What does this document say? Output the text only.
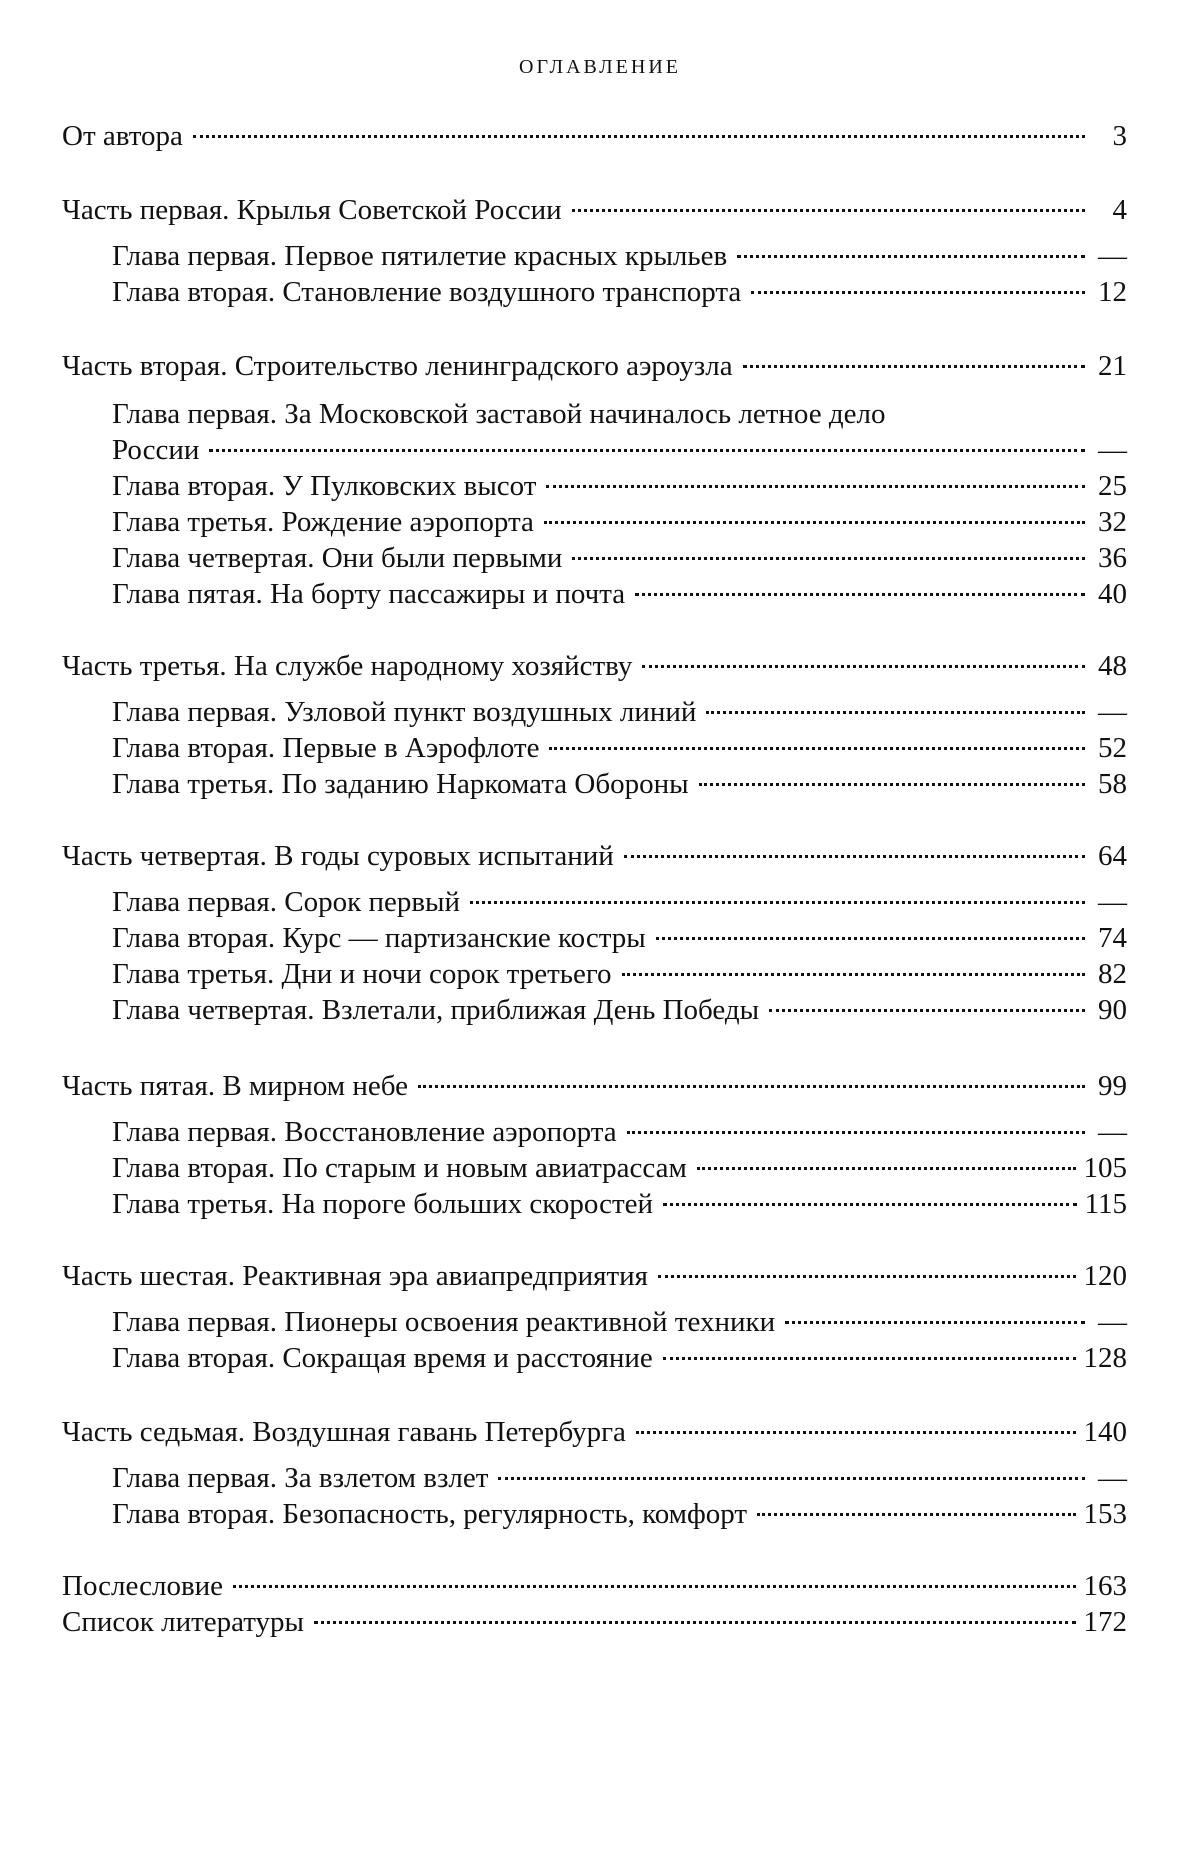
ОГЛАВЛЕНИЕ
От автора	3
Часть первая. Крылья Советской России	4
Глава первая. Первое пятилетие красных крыльев	—
Глава вторая. Становление воздушного транспорта	12
Часть вторая. Строительство ленинградского аэроузла	21
Глава первая. За Московской заставой начиналось летное дело
России	—
Глава вторая. У Пулковских высот	25
Глава третья. Рождение аэропорта	32
Глава четвертая. Они были первыми	36
Глава пятая. На борту пассажиры и почта	40
Часть третья. На службе народному хозяйству	48
Глава первая. Узловой пункт воздушных линий	—
Глава вторая. Первые в Аэрофлоте	52
Глава третья. По заданию Наркомата Обороны	58
Часть четвертая. В годы суровых испытаний	64
Глава первая. Сорок первый	—
Глава вторая. Курс — партизанские костры	74
Глава третья. Дни и ночи сорок третьего	82
Глава четвертая. Взлетали, приближая День Победы	90
Часть пятая. В мирном небе	99
Глава первая. Восстановление аэропорта	—
Глава вторая. По старым и новым авиатрассам	105
Глава третья. На пороге больших скоростей	115
Часть шестая. Реактивная эра авиапредприятия	120
Глава первая. Пионеры освоения реактивной техники	—
Глава вторая. Сокращая время и расстояние	128
Часть седьмая. Воздушная гавань Петербурга	140
Глава первая. За взлетом взлет	—
Глава вторая. Безопасность, регулярность, комфорт	153
Послесловие	163
Список литературы	172
